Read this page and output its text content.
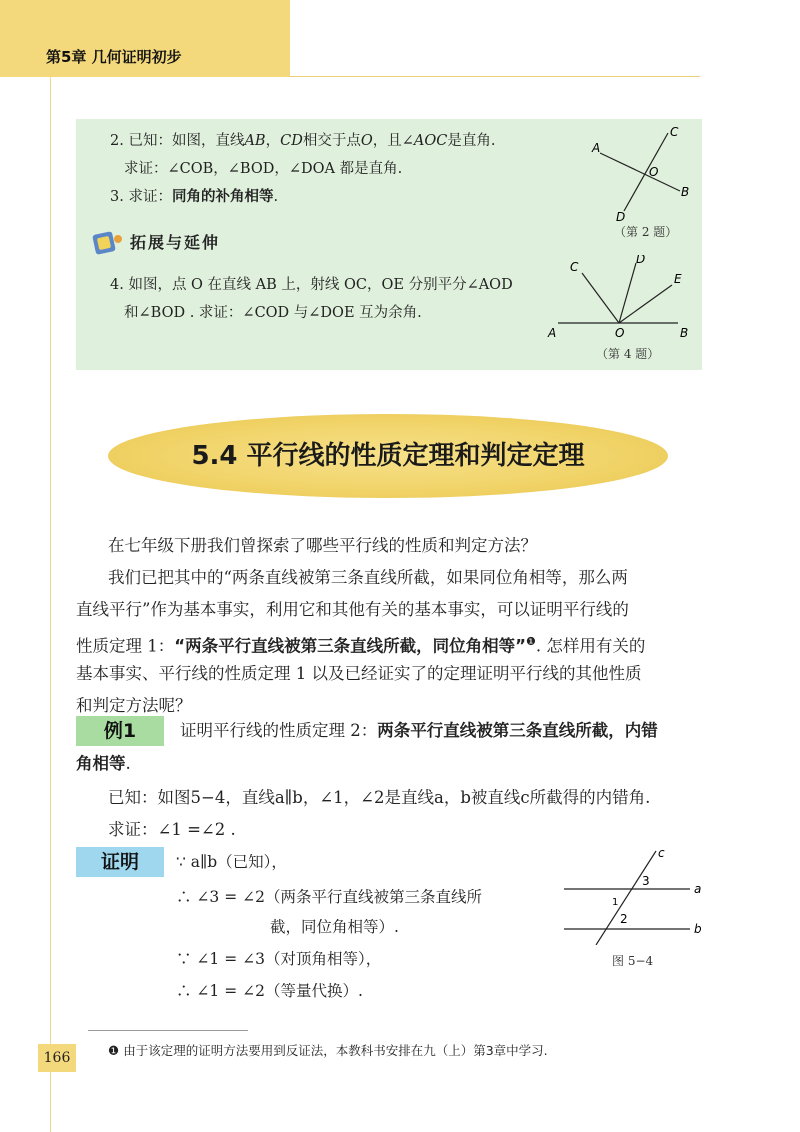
第5章 几何证明初步
2. 已知：如图，直线AB，CD相交于点O，且∠AOC是直角.
求证：∠COB，∠BOD，∠DOA 都是直角.
3. 求证：同角的补角相等.
拓展与延伸
4. 如图，点 O 在直线 AB 上，射线 OC，OE 分别平分∠AOD
和∠BOD . 求证：∠COD 与∠DOE 互为余角.
A
B
C
D
O
（第 2 题）
A	B
C
D
E
O
（第 4 题）
5.4 平行线的性质定理和判定定理
在七年级下册我们曾探索了哪些平行线的性质和判定方法？
我们已把其中的“两条直线被第三条直线所截，如果同位角相等，那么两
直线平行”作为基本事实，利用它和其他有关的基本事实，可以证明平行线的
性质定理 1：“两条平行直线被第三条直线所截，同位角相等”$^❶$. 怎样用有关的
基本事实、平行线的性质定理 1 以及已经证实了的定理证明平行线的其他性质
和判定方法呢？
例1	证明平行线的性质定理 2：两条平行直线被第三条直线所截，内错
角相等.
已知：如图5−4，直线a∥b，∠1，∠2是直线a，b被直线c所截得的内错角.
求证：∠1 =∠2 .
证明	∵ a∥b（已知），
∴ ∠3 = ∠2（两条平行直线被第三条直线所
截，同位角相等）.
∵ ∠1 = ∠3（对顶角相等），
∴ ∠1 = ∠2（等量代换）.
a
b
c
3
1
2
图 5−4
❶ 由于该定理的证明方法要用到反证法，本教科书安排在九（上）第3章中学习.
166
